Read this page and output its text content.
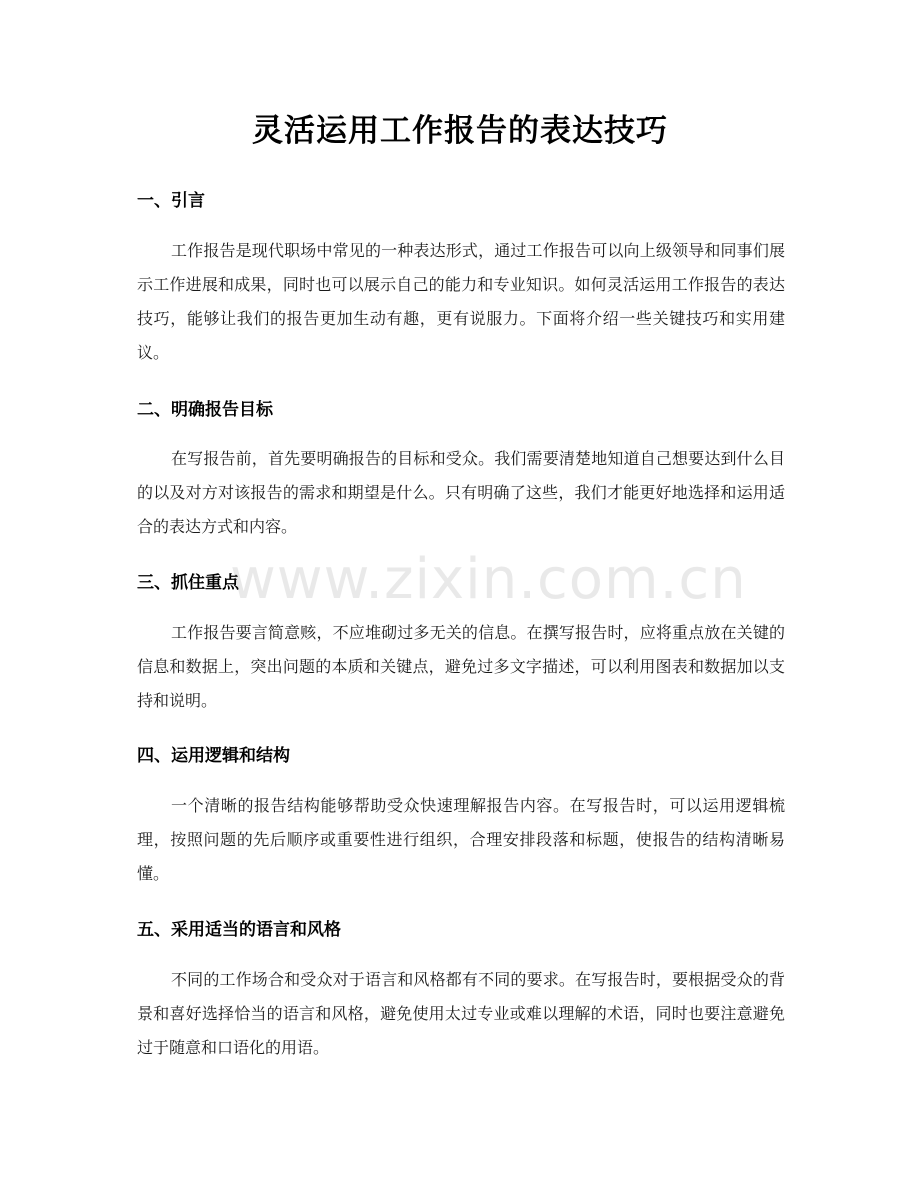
灵活运用工作报告的表达技巧
一、引言

工作报告是现代职场中常见的一种表达形式，通过工作报告可以向上级领导和同事们展示工作进展和成果，同时也可以展示自己的能力和专业知识。如何灵活运用工作报告的表达技巧，能够让我们的报告更加生动有趣，更有说服力。下面将介绍一些关键技巧和实用建议。

二、明确报告目标

在写报告前，首先要明确报告的目标和受众。我们需要清楚地知道自己想要达到什么目的以及对方对该报告的需求和期望是什么。只有明确了这些，我们才能更好地选择和运用适合的表达方式和内容。

三、抓住重点

工作报告要言简意赅，不应堆砌过多无关的信息。在撰写报告时，应将重点放在关键的信息和数据上，突出问题的本质和关键点，避免过多文字描述，可以利用图表和数据加以支持和说明。

四、运用逻辑和结构

一个清晰的报告结构能够帮助受众快速理解报告内容。在写报告时，可以运用逻辑梳理，按照问题的先后顺序或重要性进行组织，合理安排段落和标题，使报告的结构清晰易懂。

五、采用适当的语言和风格

不同的工作场合和受众对于语言和风格都有不同的要求。在写报告时，要根据受众的背景和喜好选择恰当的语言和风格，避免使用太过专业或难以理解的术语，同时也要注意避免过于随意和口语化的用语。

www.zixin.com.cn
